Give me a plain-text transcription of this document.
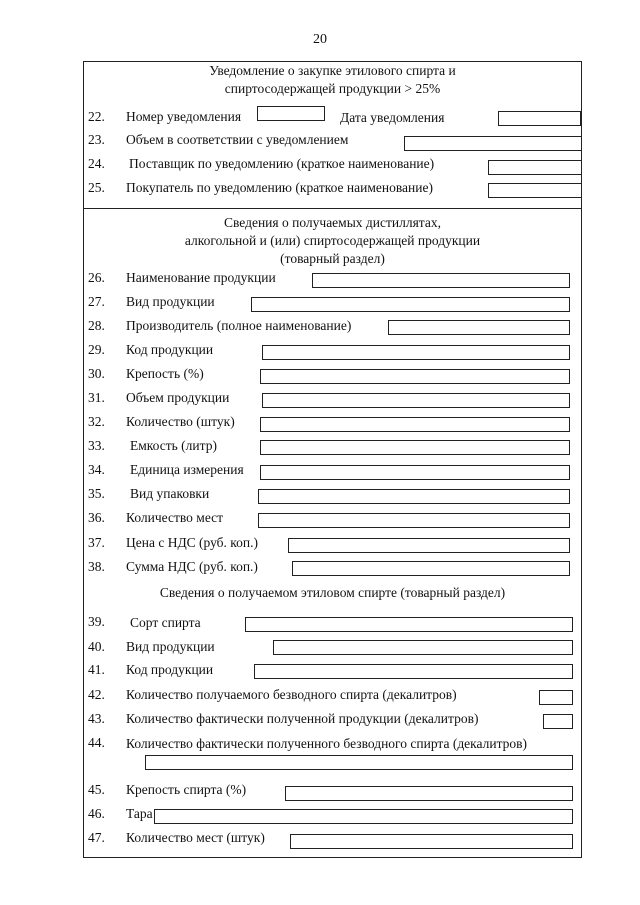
20
Уведомление о закупке этилового спирта и
спиртосодержащей продукции > 25%
22. Номер уведомления	Дата уведомления
23. Объем в соответствии с уведомлением
24. Поставщик по уведомлению (краткое наименование)
25. Покупатель по уведомлению (краткое наименование)
Сведения о получаемых дистиллятах,
алкогольной и (или) спиртосодержащей продукции
(товарный раздел)
26. Наименование продукции
27. Вид продукции
28. Производитель (полное наименование)
29. Код продукции
30. Крепость (%)
31. Объем продукции
32. Количество (штук)
33. Емкость (литр)
34. Единица измерения
35. Вид упаковки
36. Количество мест
37. Цена с НДС (руб. коп.)
38. Сумма НДС (руб. коп.)
Сведения о получаемом этиловом спирте (товарный раздел)
39. Сорт спирта
40. Вид продукции
41. Код продукции
42. Количество получаемого безводного спирта (декалитров)
43. Количество фактически полученной продукции (декалитров)
44. Количество фактически полученного безводного спирта (декалитров)
45. Крепость спирта (%)
46. Тара
47. Количество мест (штук)
